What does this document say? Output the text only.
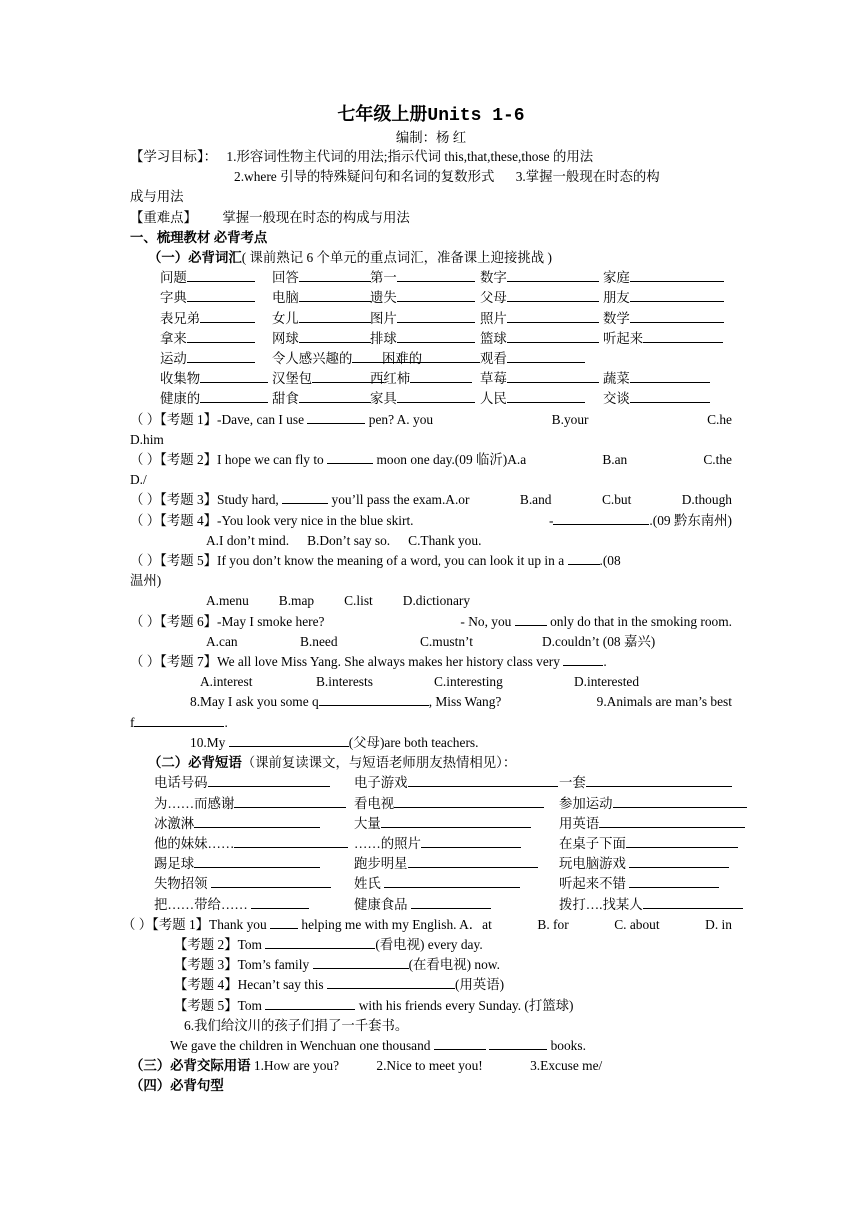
七年级上册Units 1-6
编制：杨 红
【学习目标】： 1.形容词性物主代词的用法;指示代词 this,that,these,those 的用法
2.where 引导的特殊疑问句和名词的复数形式 3.掌握一般现在时态的构
成与用法
【重难点】 掌握一般现在时态的构成与用法
一、梳理教材 必背考点
（一）必背词汇( 课前熟记 6 个单元的重点词汇，准备课上迎接挑战 )
问题	回答	第一	数字	家庭
字典	电脑	遗失	父母	朋友
表兄弟	女儿	图片	照片	数学
拿来	网球	排球	篮球	听起来
运动	令人感兴趣的	困难的	观看
收集物	汉堡包	西红柿	草莓	蔬菜
健康的	甜食	家具	人民	交谈
（ ）【考题 1】-Dave, can I use	pen? A. you	B.your	C.he
D.him
（ ）【考题 2】I hope we can fly to	moon one day.(09 临沂)A.a	B.an	C.the
D./
（ ）【考题 3】Study hard,	you’ll pass the exam.A.or	B.and	C.but	D.though
（ ）【考题 4】-You look very nice in the blue skirt.	-	.(09 黔东南州)
A.I don’t mind. B.Don’t say so. C.Thank you.
（ ）【考题 5】If you don’t know the meaning of a word, you can look it up in a	.(08
温州)
A.menu B.map C.list D.dictionary
（ ）【考题 6】-May I smoke here?	- No, you	only do that in the smoking room.
A.can	B.need	C.mustn’t	D.couldn’t (08 嘉兴)
（ ）【考题 7】We all love Miss Yang. She always makes her history class very	.
A.interest	B.interests	C.interesting	D.interested
8.May I ask you some q	, Miss Wang?	9.Animals are man’s best
f	.
10.My	(父母)are both teachers.
（二）必背短语（课前复读课文，与短语老师朋友热情相见）：
电话号码	电子游戏	一套
为……而感谢	看电视	参加运动
冰激淋	大量	用英语
他的妹妹……	……的照片	在桌子下面
踢足球	跑步明星	玩电脑游戏
失物招领	姓氏	听起来不错
把……带给……	健康食品	拨打….找某人
（ ）【考题 1】Thank you	helping me with my English. A．at	B. for	C. about	D. in
【考题 2】Tom	(看电视) every day.
【考题 3】Tom’s family	(在看电视) now.
【考题 4】Hecan’t say this	(用英语)
【考题 5】Tom	with his friends every Sunday. (打篮球)
6.我们给汶川的孩子们捐了一千套书。
We gave the children in Wenchuan one thousand	books.
（三）必背交际用语 1.How are you?	2.Nice to meet you!	3.Excuse me/
（四）必背句型
